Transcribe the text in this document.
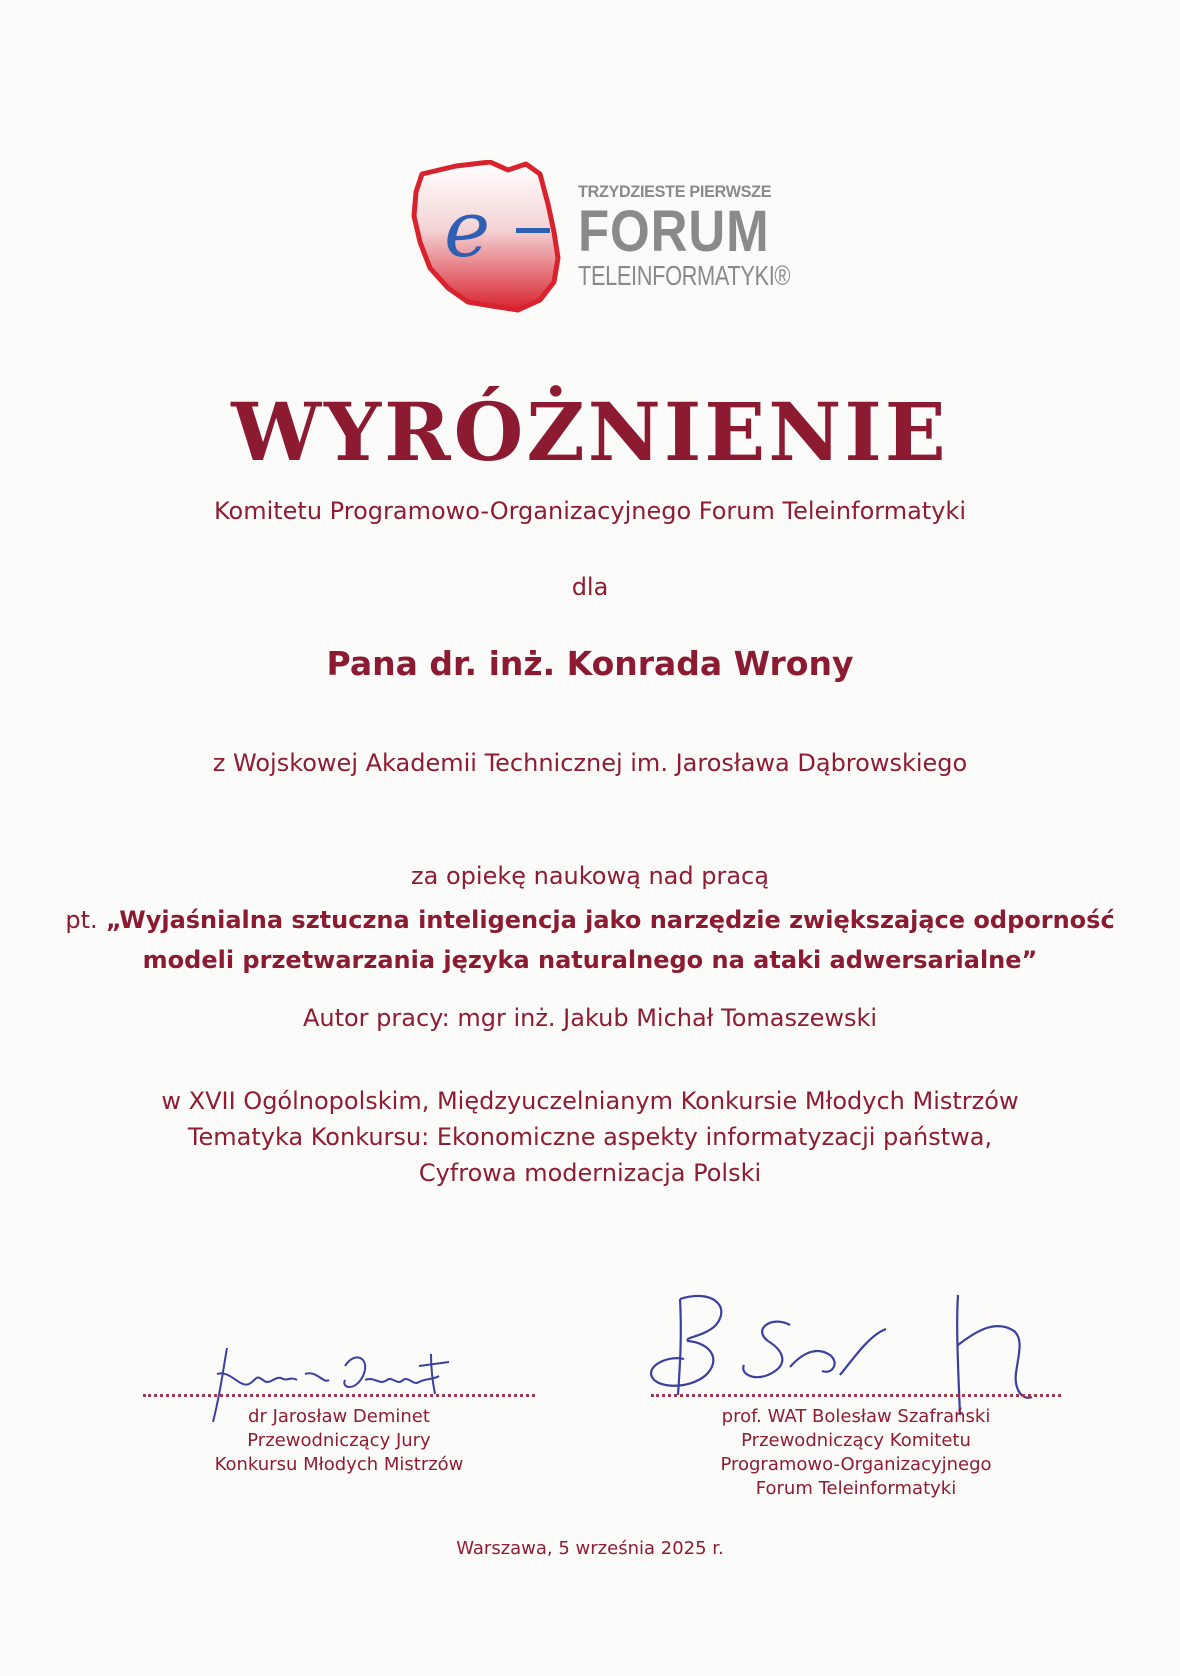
e	TRZYDZIESTE PIERWSZE
FORUM
TELEINFORMATYKI®
WYRÓŻNIENIE
Komitetu Programowo-Organizacyjnego Forum Teleinformatyki
dla
Pana dr. inż. Konrada Wrony
z Wojskowej Akademii Technicznej im. Jarosława Dąbrowskiego
za opiekę naukową nad pracą
pt. „Wyjaśnialna sztuczna inteligencja jako narzędzie zwiększające odporność
modeli przetwarzania języka naturalnego na ataki adwersarialne”
Autor pracy: mgr inż. Jakub Michał Tomaszewski
w XVII Ogólnopolskim, Międzyuczelnianym Konkursie Młodych Mistrzów
Tematyka Konkursu: Ekonomiczne aspekty informatyzacji państwa,
Cyfrowa modernizacja Polski
dr Jarosław Deminet
Przewodniczący Jury
Konkursu Młodych Mistrzów
prof. WAT Bolesław Szafrański
Przewodniczący Komitetu
Programowo-Organizacyjnego
Forum Teleinformatyki
Warszawa, 5 września 2025 r.
